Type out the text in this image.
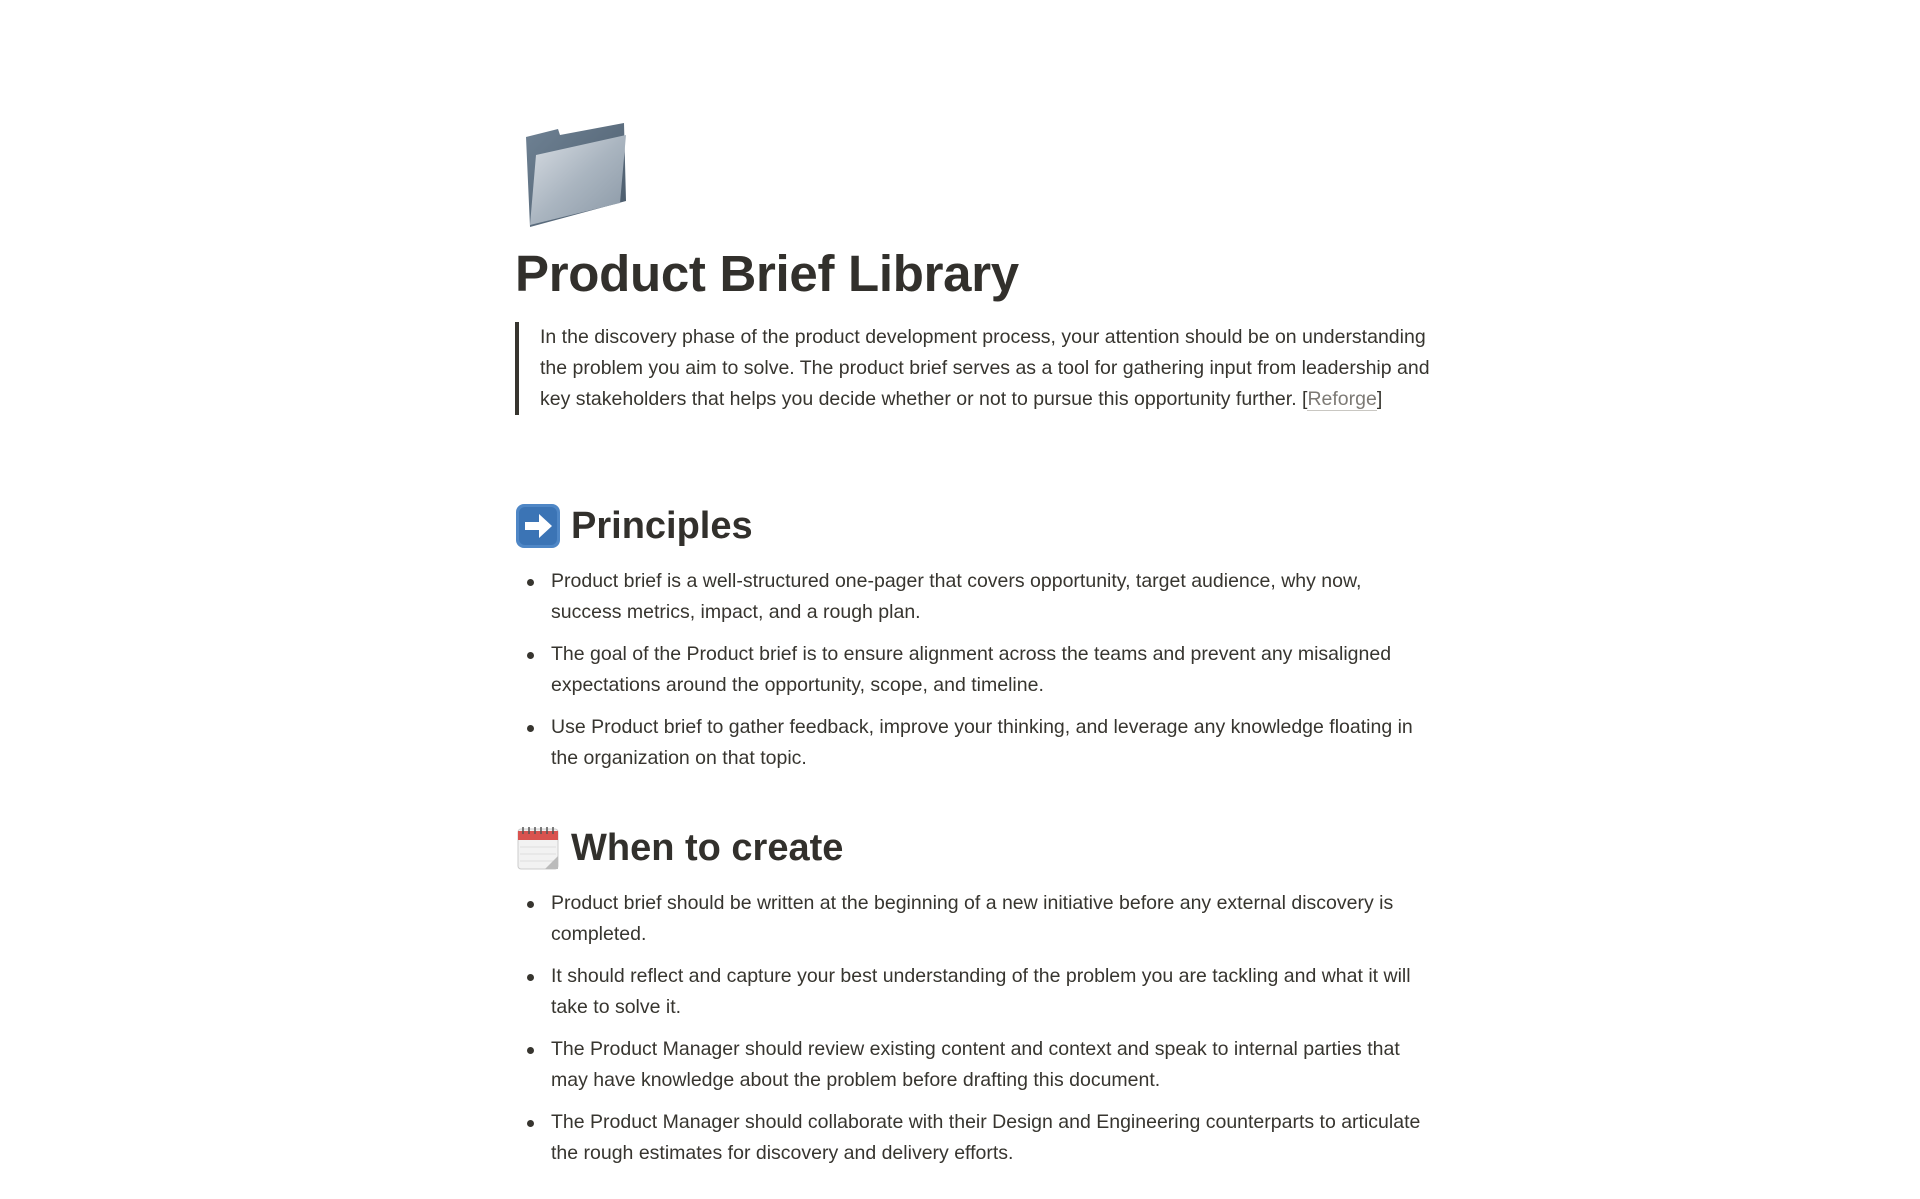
Product Brief Library
In the discovery phase of the product development process, your attention should be on understanding the problem you aim to solve. The product brief serves as a tool for gathering input from leadership and key stakeholders that helps you decide whether or not to pursue this opportunity further. [Reforge]
Principles
Product brief is a well-structured one-pager that covers opportunity, target audience, why now, success metrics, impact, and a rough plan.
The goal of the Product brief is to ensure alignment across the teams and prevent any misaligned expectations around the opportunity, scope, and timeline.
Use Product brief to gather feedback, improve your thinking, and leverage any knowledge floating in the organization on that topic.
When to create
Product brief should be written at the beginning of a new initiative before any external discovery is completed.
It should reflect and capture your best understanding of the problem you are tackling and what it will take to solve it.
The Product Manager should review existing content and context and speak to internal parties that may have knowledge about the problem before drafting this document.
The Product Manager should collaborate with their Design and Engineering counterparts to articulate the rough estimates for discovery and delivery efforts.
